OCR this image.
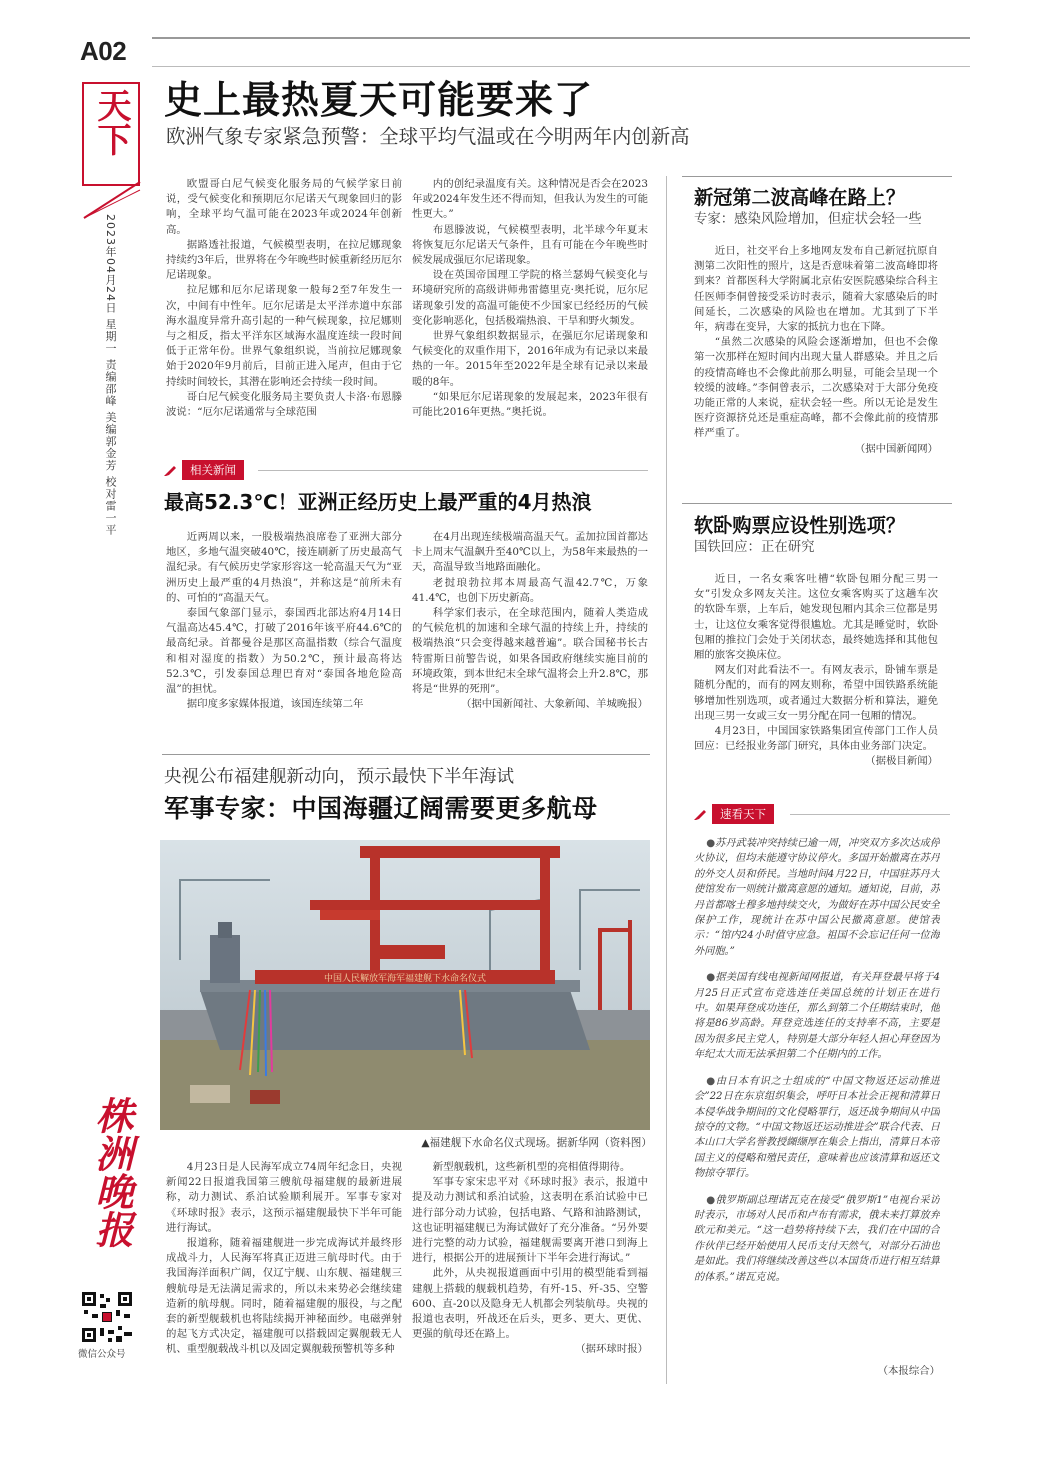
A02
天下
2023年04月24日 星期一 责编邵峰 美编郭金芳 校对雷一平
史上最热夏天可能要来了
欧洲气象专家紧急预警：全球平均气温或在今明两年内创新高

欧盟哥白尼气候变化服务局的气候学家日前说，受气候变化和预期厄尔尼诺天气现象回归的影响，全球平均气温可能在2023年或2024年创新高。

据路透社报道，气候模型表明，在拉尼娜现象持续约3年后，世界将在今年晚些时候重新经历厄尔尼诺现象。

拉尼娜和厄尔尼诺现象一般每2至7年发生一次，中间有中性年。厄尔尼诺是太平洋赤道中东部海水温度异常升高引起的一种气候现象，拉尼娜则与之相反，指太平洋东区域海水温度连续一段时间低于正常年份。世界气象组织说，当前拉尼娜现象始于2020年9月前后，目前正进入尾声，但由于它持续时间较长，其潜在影响还会持续一段时间。

哥白尼气候变化服务局主要负责人卡洛·布恩滕波说：“厄尔尼诺通常与全球范围

内的创纪录温度有关。这种情况是否会在2023年或2024年发生还不得而知，但我认为发生的可能性更大。”

布恩滕波说，气候模型表明，北半球今年夏末将恢复厄尔尼诺天气条件，且有可能在今年晚些时候发展成强厄尔尼诺现象。

设在英国帝国理工学院的格兰瑟姆气候变化与环境研究所的高级讲师弗雷德里克·奥托说，厄尔尼诺现象引发的高温可能使不少国家已经经历的气候变化影响恶化，包括极端热浪、干旱和野火频发。

世界气象组织数据显示，在强厄尔尼诺现象和气候变化的双重作用下，2016年成为有记录以来最热的一年。2015年至2022年是全球有记录以来最暖的8年。

“如果厄尔尼诺现象的发展起来，2023年很有可能比2016年更热。”奥托说。

相关新闻
最高52.3℃！亚洲正经历史上最严重的4月热浪

近两周以来，一股极端热浪席卷了亚洲大部分地区，多地气温突破40℃，接连刷新了历史最高气温纪录。有气候历史学家形容这一轮高温天气为“亚洲历史上最严重的4月热浪”，并称这是“前所未有的、可怕的”高温天气。

泰国气象部门显示，泰国西北部达府4月14日气温高达45.4℃，打破了2016年该平府44.6℃的最高纪录。首都曼谷是那区高温指数（综合气温度和相对湿度的指数）为50.2℃，预计最高将达52.3℃，引发泰国总理巴育对“泰国各地危险高温”的担忧。

据印度多家媒体报道，该国连续第二年

在4月出现连续极端高温天气。孟加拉国首都达卡上周末气温飙升至40℃以上，为58年来最热的一天，高温导致当地路面融化。

老挝琅勃拉邦本周最高气温42.7℃，万象41.4℃，也创下历史新高。

科学家们表示，在全球范围内，随着人类造成的气候危机的加速和全球气温的持续上升，持续的极端热浪“只会变得越来越普遍”。联合国秘书长古特雷斯日前警告说，如果各国政府继续实施目前的环境政策，到本世纪末全球气温将会上升2.8℃，那将是“世界的死刑”。

（据中国新闻社、大象新闻、羊城晚报）

央视公布福建舰新动向，预示最快下半年海试
军事专家：中国海疆辽阔需要更多航母
中国人民解放军海军福建舰下水命名仪式
▲福建舰下水命名仪式现场。据新华网（资料图）

4月23日是人民海军成立74周年纪念日，央视新闻22日报道我国第三艘航母福建舰的最新进展称，动力测试、系泊试验顺利展开。军事专家对《环球时报》表示，这预示福建舰最快下半年可能进行海试。

报道称，随着福建舰进一步完成海试并最终形成战斗力，人民海军将真正迈进三航母时代。由于我国海洋面积广阔，仅辽宁舰、山东舰、福建舰三艘航母是无法满足需求的，所以未来势必会继续建造新的航母舰。同时，随着福建舰的服役，与之配套的新型舰载机也将陆续揭开神秘面纱。电磁弹射的起飞方式决定，福建舰可以搭载固定翼舰载无人机、重型舰载战斗机以及固定翼舰载预警机等多种

新型舰载机，这些新机型的亮相值得期待。

军事专家宋忠平对《环球时报》表示，报道中提及动力测试和系泊试验，这表明在系泊试验中已进行部分动力试验，包括电路、气路和油路测试，这也证明福建舰已为海试做好了充分准备。“另外要进行完整的动力试验，福建舰需要离开港口到海上进行，根据公开的进展预计下半年会进行海试。”

此外，从央视报道画面中引用的模型能看到福建舰上搭载的舰载机趋势，有歼-15、歼-35、空警600、直-20以及隐身无人机都会列装航母。央视的报道也表明，歼战还在后头，更多、更大、更优、更强的航母还在路上。

（据环球时报）

新冠第二波高峰在路上？
专家：感染风险增加，但症状会轻一些

近日，社交平台上多地网友发布自己新冠抗原自测第二次阳性的照片，这是否意味着第二波高峰即将到来？首都医科大学附属北京佑安医院感染综合科主任医师李侗曾接受采访时表示，随着大家感染后的时间延长，二次感染的风险也在增加。尤其到了下半年，病毒在变异，大家的抵抗力也在下降。

“虽然二次感染的风险会逐渐增加，但也不会像第一次那样在短时间内出现大量人群感染。并且之后的疫情高峰也不会像此前那么明显，可能会呈现一个较缓的波峰。”李侗曾表示，二次感染对于大部分免疫功能正常的人来说，症状会轻一些。所以无论是发生医疗资源挤兑还是重症高峰，都不会像此前的疫情那样严重了。

（据中国新闻网）

软卧购票应设性别选项？
国铁回应：正在研究

近日，一名女乘客吐槽“软卧包厢分配三男一女”引发众多网友关注。这位女乘客购买了这趟车次的软卧车票，上车后，她发现包厢内其余三位都是男士，让这位女乘客觉得很尴尬。尤其是睡觉时，软卧包厢的推拉门会处于关闭状态，最终她选择和其他包厢的旅客交换床位。

网友们对此看法不一。有网友表示，卧铺车票是随机分配的，而有的网友则称，希望中国铁路系统能够增加性别选项，或者通过大数据分析和算法，避免出现三男一女或三女一男分配在同一包厢的情况。

4月23日，中国国家铁路集团宣传部门工作人员回应：已经报业务部门研究，具体由业务部门决定。

（据极目新闻）

速看天下

●苏丹武装冲突持续已逾一周，冲突双方多次达成停火协议，但均未能遵守协议停火。多国开始撤离在苏丹的外交人员和侨民。当地时间4月22日，中国驻苏丹大使馆发布一则统计撤离意愿的通知。通知说，目前，苏丹首都喀土穆多地持续交火，为做好在苏中国公民安全保护工作，现统计在苏中国公民撤离意愿。使馆表示：“馆内24小时值守应急。祖国不会忘记任何一位海外同胞。”

●据美国有线电视新闻网报道，有关拜登最早将于4月25日正式宣布竞选连任美国总统的计划正在进行中。如果拜登成功连任，那么到第二个任期结束时，他将是86岁高龄。拜登竞选连任的支持率不高，主要是因为很多民主党人，特别是大部分年轻人担心拜登因为年纪太大而无法承担第二个任期内的工作。

●由日本有识之士组成的“中国文物返还运动推进会”22日在东京组织集会，呼吁日本社会正视和清算日本侵华战争期间的文化侵略罪行，返还战争期间从中国掠夺的文物。“中国文物返还运动推进会”联合代表、日本山口大学名誉教授纐缬厚在集会上指出，清算日本帝国主义的侵略和殖民责任，意味着也应该清算和返还文物掠夺罪行。

●俄罗斯副总理诺瓦克在接受“俄罗斯1”电视台采访时表示，市场对人民币和卢布有需求，俄未来打算放弃欧元和美元。“这一趋势将持续下去，我们在中国的合作伙伴已经开始使用人民币支付天然气，对部分石油也是如此。我们将继续改善这些以本国货币进行相互结算的体系。”诺瓦克说。

（本报综合）
株洲晚报
微信公众号
